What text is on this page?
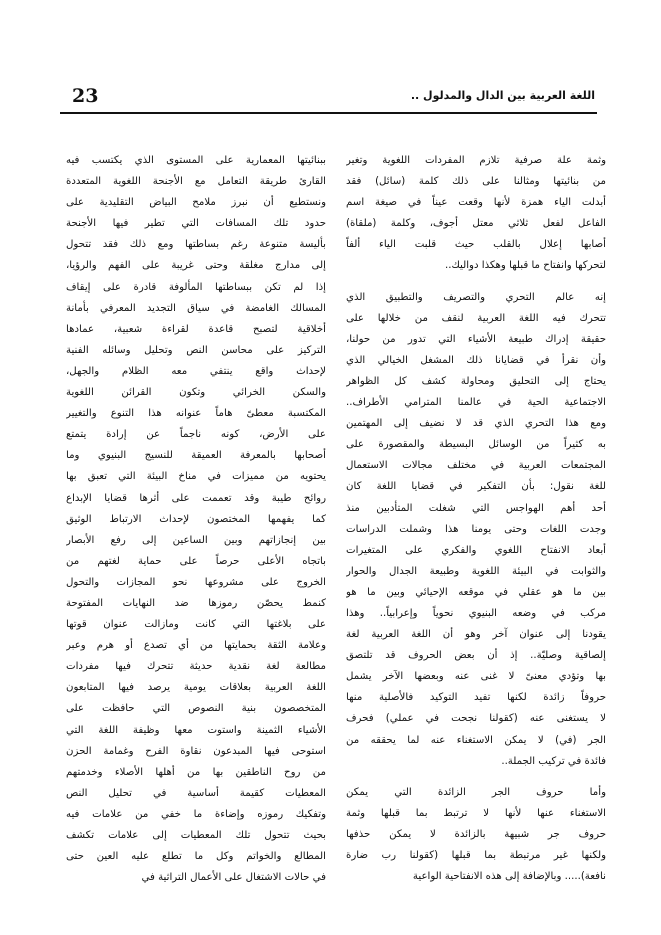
23	اللغة العربية بين الدال والمدلول ..

وثمة علة صرفية تلازم المفردات اللغوية وتغير
من بنائيتها ومثالنا على ذلك كلمة (سائل) فقد
أبدلت الياء همزة لأنها وقعت عيناً في صيغة اسم
الفاعل لفعل ثلاثي معتل أجوف، وكلمة (ملقاة)
أصابها إعلال بالقلب حيث قلبت الياء ألفاً
لتحركها وانفتاح ما قبلها وهكذا دواليك..

إنه عالم التحري والتصريف والتطبيق الذي
تتحرك فيه اللغة العربية لنقف من خلالها على
حقيقة إدراك طبيعة الأشياء التي تدور من حولنا،
وأن نقرأ في قضايانا ذلك المشغل الخيالي الذي
يحتاج إلى التحليق ومحاولة كشف كل الظواهر
الاجتماعية الحية في عالمنا المترامي الأطراف..
ومع هذا التحري الذي قد لا نضيف إلى المهتمين
به كثيراً من الوسائل البسيطة والمقصورة على
المجتمعات العربية في مختلف مجالات الاستعمال
للغة نقول: بأن التفكير في قضايا اللغة كان
أحد أهم الهواجس التي شغلت المتأدبين منذ
وجدت اللغات وحتى يومنا هذا وشملت الدراسات
أبعاد الانفتاح اللغوي والفكري على المتغيرات
والثوابت في البيئة اللغوية وطبيعة الجدال والحوار
بين ما هو عقلي في موقعه الإحيائي وبين ما هو
مركب في وضعه البنيوي نحوياً وإعرابياً.. وهذا
يقودنا إلى عنوان آخر وهو أن اللغة العربية لغة
إلصاقية وصليّة.. إذ أن بعض الحروف قد تلتصق
بها وتؤدي معنىً لا غنى عنه وبعضها الآخر يشمل
حروفاً زائدة لكنها تفيد التوكيد فالأصلية منها
لا يستغنى عنه (كقولنا نجحت في عملي) فحرف
الجر (في) لا يمكن الاستغناء عنه لما يحققه من
فائدة في تركيب الجملة..

وأما حروف الجر الزائدة التي يمكن
الاستغناء عنها لأنها لا ترتبط بما قبلها وثمة
حروف جر شبيهة بالزائدة لا يمكن حذفها
ولكنها غير مرتبطة بما قبلها (كقولنا رب ضارة
نافعة)..... وبالإضافة إلى هذه الانفتاحية الواعية

ببنائيتها المعمارية على المستوى الذي يكتسب فيه
القارئ طريقة التعامل مع الأجنحة اللغوية المتعددة
ونستطيع أن نبرز ملامح البياض التقليدية على
حدود تلك المسافات التي تطير فيها الأجنحة
بأليسة متنوعة رغم بساطتها ومع ذلك فقد تتحول
إلى مدارج مغلقة وحتى غريبة على الفهم والرؤيا،
إذا لم تكن ببساطتها المألوفة قادرة على إيقاف
المسالك الغامضة في سياق التجديد المعرفي بأمانة
أخلاقية لتصبح قاعدة لقراءة شعبية، عمادها
التركيز على محاسن النص وتحليل وسائله الفنية
لإحداث واقع ينتفي معه الظلام والجهل،
والسكن الخرائي وتكون القرائن اللغوية
المكتسبة معطىً هاماً عنوانه هذا التنوع والتغيير
على الأرض، كونه ناجماً عن إرادة يتمتع
أصحابها بالمعرفة العميقة للنسيج البنيوي وما
يحتويه من مميزات في مناخ البيئة التي تعبق بها
روائح طيبة وقد تعممت على أثرها قضايا الإبداع
كما يفهمها المختصون لإحداث الارتباط الوثيق
بين إنجازاتهم وبين الساعين إلى رفع الأبصار
باتجاه الأعلى حرصاً على حماية لغتهم من
الخروج على مشروعها نحو المجازات والتحول
كنمط يحصّن رموزها ضد النهايات المفتوحة
على بلاغتها التي كانت ومازالت عنوان قوتها
وعلامة الثقة بحمايتها من أي تصدع أو هرم وعبر
مطالعة لغة نقدية حديثة تتحرك فيها مفردات
اللغة العربية بعلاقات يومية يرصد فيها المتابعون
المتخصصون بنية النصوص التي حافظت على
الأشياء الثمينة واستوت معها وظيفة اللغة التي
استوحى فيها المبدعون نقاوة الفرح وغمامة الحزن
من روح الناطقين بها من أهلها الأصلاء وخدمتهم
المعطيات كقيمة أساسية في تحليل النص
وتفكيك رموزه وإضاءة ما خفي من علامات فيه
بحيث تتحول تلك المعطيات إلى علامات تكشف
المطالع والخواتم وكل ما تطلع عليه العين حتى
في حالات الاشتغال على الأعمال التراثية في
